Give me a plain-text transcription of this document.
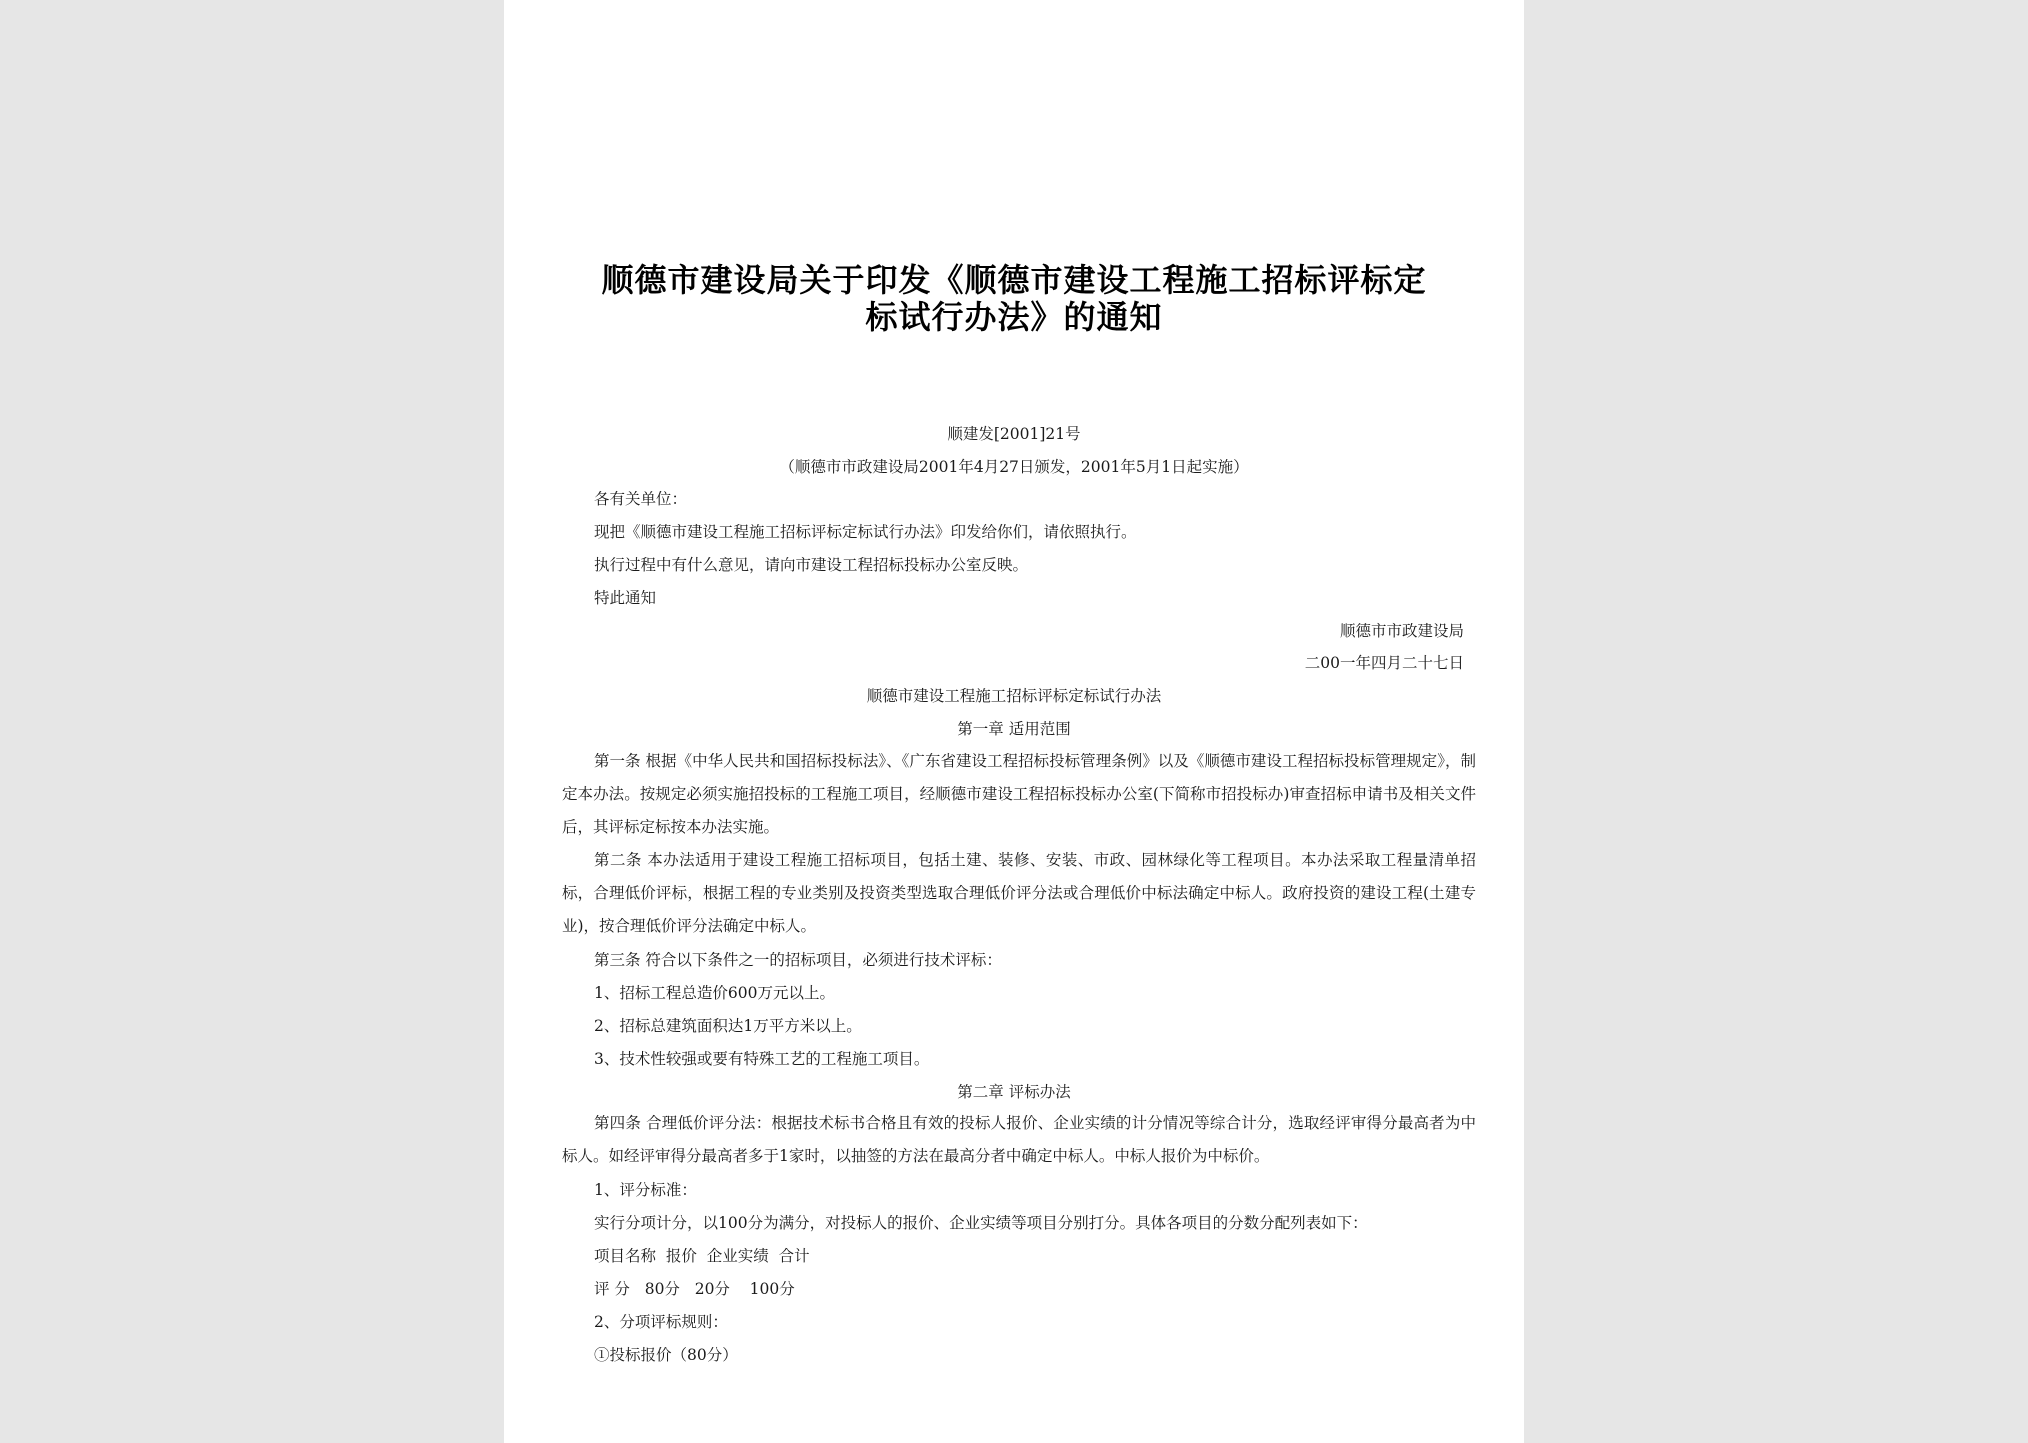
顺德市建设局关于印发《顺德市建设工程施工招标评标定标试行办法》的通知
顺建发[2001]21号
（顺德市市政建设局2001年4月27日颁发，2001年5月1日起实施）
各有关单位：
现把《顺德市建设工程施工招标评标定标试行办法》印发给你们，请依照执行。
执行过程中有什么意见，请向市建设工程招标投标办公室反映。
特此通知
顺德市市政建设局
二00一年四月二十七日
顺德市建设工程施工招标评标定标试行办法
第一章 适用范围
第一条 根据《中华人民共和国招标投标法》、《广东省建设工程招标投标管理条例》以及《顺德市建设工程招标投标管理规定》，制定本办法。按规定必须实施招投标的工程施工项目，经顺德市建设工程招标投标办公室(下简称市招投标办)审查招标申请书及相关文件后，其评标定标按本办法实施。
第二条 本办法适用于建设工程施工招标项目，包括土建、装修、安装、市政、园林绿化等工程项目。本办法采取工程量清单招标，合理低价评标，根据工程的专业类别及投资类型选取合理低价评分法或合理低价中标法确定中标人。政府投资的建设工程(土建专业)，按合理低价评分法确定中标人。
第三条 符合以下条件之一的招标项目，必须进行技术评标：
1、招标工程总造价600万元以上。
2、招标总建筑面积达1万平方米以上。
3、技术性较强或要有特殊工艺的工程施工项目。
第二章 评标办法
第四条 合理低价评分法：根据技术标书合格且有效的投标人报价、企业实绩的计分情况等综合计分，选取经评审得分最高者为中标人。如经评审得分最高者多于1家时，以抽签的方法在最高分者中确定中标人。中标人报价为中标价。
1、评分标准：
实行分项计分，以100分为满分，对投标人的报价、企业实绩等项目分别打分。具体各项目的分数分配列表如下：
项目名称  报价  企业实绩  合计
评 分   80分   20分    100分
2、分项评标规则：
①投标报价（80分）
